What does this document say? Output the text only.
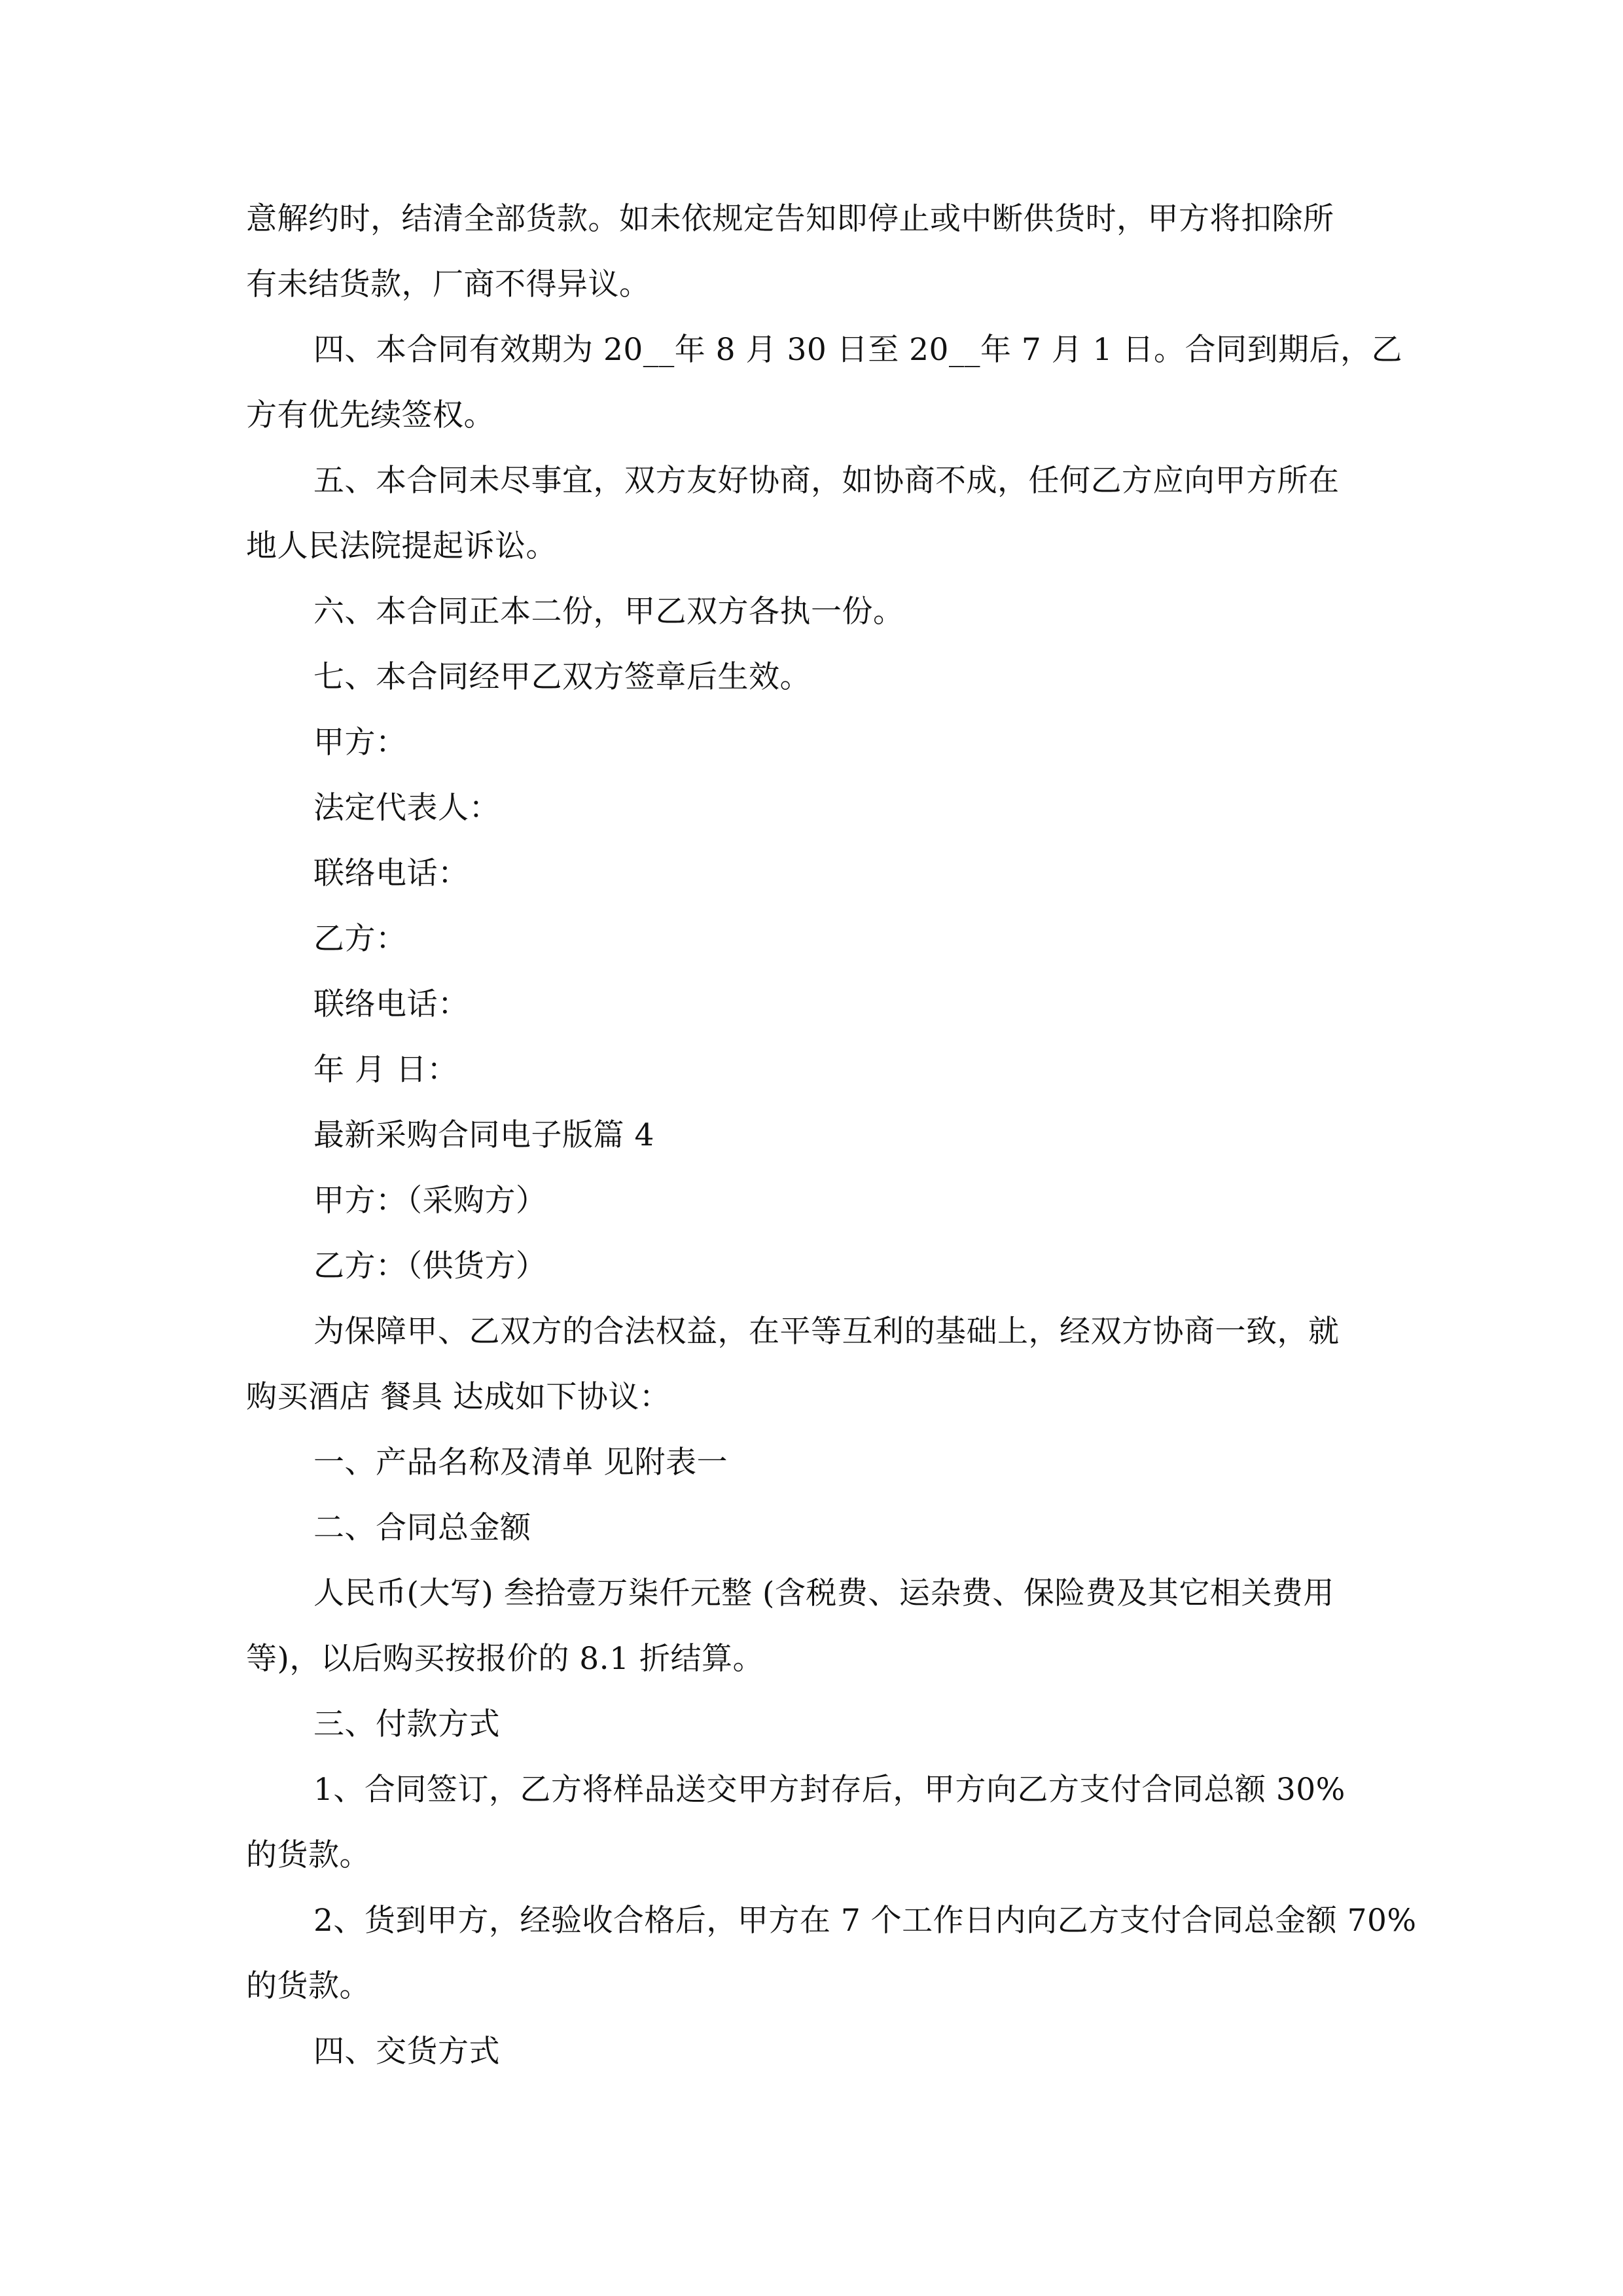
意解约时，结清全部货款。如未依规定告知即停止或中断供货时，甲方将扣除所
有未结货款，厂商不得异议。
四、本合同有效期为 20__年 8 月 30 日至 20__年 7 月 1 日。合同到期后，乙
方有优先续签权。
五、本合同未尽事宜，双方友好协商，如协商不成，任何乙方应向甲方所在
地人民法院提起诉讼。
六、本合同正本二份，甲乙双方各执一份。
七、本合同经甲乙双方签章后生效。
甲方：
法定代表人：
联络电话：
乙方：
联络电话：
年 月 日：
最新采购合同电子版篇 4
甲方：（采购方）
乙方：（供货方）
为保障甲、乙双方的合法权益，在平等互利的基础上，经双方协商一致，就
购买酒店 餐具 达成如下协议：
一、产品名称及清单 见附表一
二、合同总金额
人民币(大写) 叁拾壹万柒仟元整 (含税费、运杂费、保险费及其它相关费用
等)，以后购买按报价的 8.1 折结算。
三、付款方式
1、合同签订，乙方将样品送交甲方封存后，甲方向乙方支付合同总额 30%
的货款。
2、货到甲方，经验收合格后，甲方在 7 个工作日内向乙方支付合同总金额 70%
的货款。
四、交货方式
